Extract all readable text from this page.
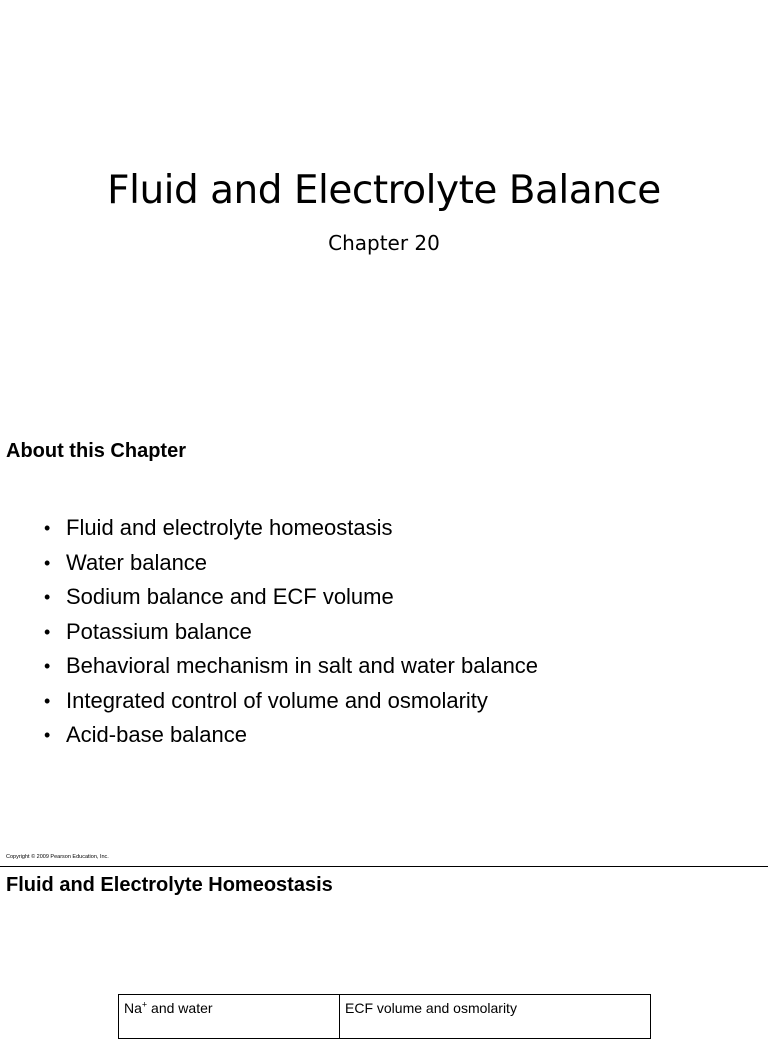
Fluid and Electrolyte Balance

Chapter 20

About this Chapter
• Fluid and electrolyte homeostasis
• Water balance
• Sodium balance and ECF volume
• Potassium balance
• Behavioral mechanism in salt and water balance
• Integrated control of volume and osmolarity
• Acid-base balance
Copyright © 2009 Pearson Education, Inc.
Fluid and Electrolyte Homeostasis
Na+ and water	ECF volume and osmolarity
